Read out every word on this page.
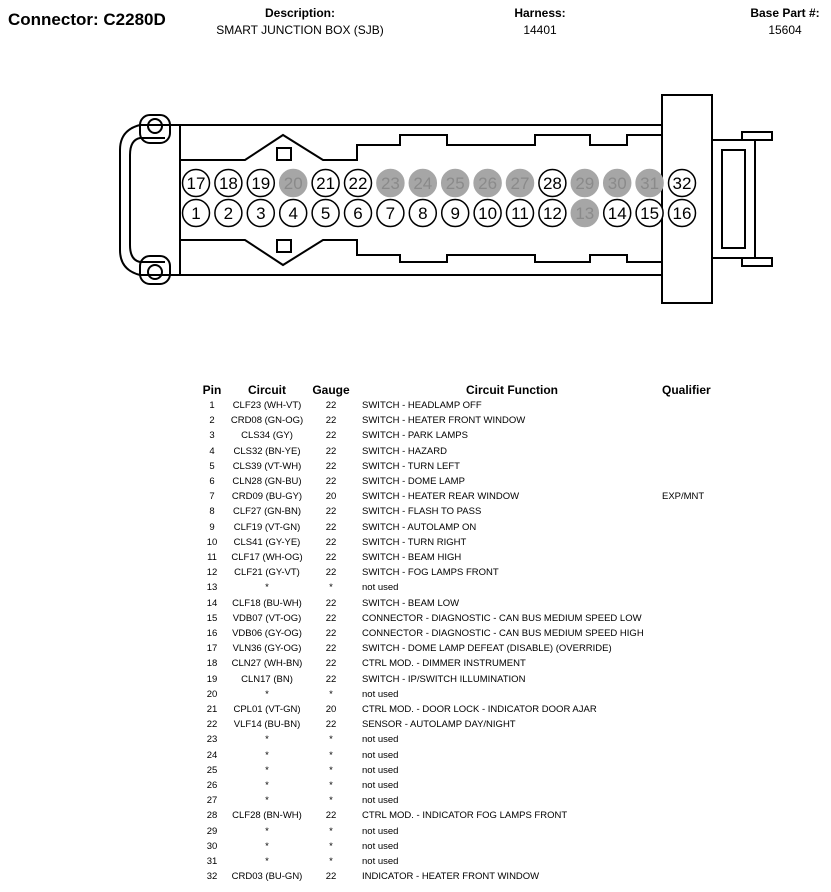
Connector: C2280D	Description:
SMART JUNCTION BOX (SJB)
Harness:
14401
Base Part #:
15604
17 18 19 20 21 22 23 24 25 26 27 28 29 30 31 32
1 2 3 4 5 6 7 8 9 10 11 12 13 14 15 16
Pin	Circuit	Gauge	Circuit Function	Qualifier
1	CLF23 (WH-VT)	22	SWITCH - HEADLAMP OFF	
2	CRD08 (GN-OG)	22	SWITCH - HEATER FRONT WINDOW	
3	CLS34 (GY)	22	SWITCH - PARK LAMPS	
4	CLS32 (BN-YE)	22	SWITCH - HAZARD	
5	CLS39 (VT-WH)	22	SWITCH - TURN LEFT	
6	CLN28 (GN-BU)	22	SWITCH - DOME LAMP	
7	CRD09 (BU-GY)	20	SWITCH - HEATER REAR WINDOW	EXP/MNT
8	CLF27 (GN-BN)	22	SWITCH - FLASH TO PASS	
9	CLF19 (VT-GN)	22	SWITCH - AUTOLAMP ON	
10	CLS41 (GY-YE)	22	SWITCH - TURN RIGHT	
11	CLF17 (WH-OG)	22	SWITCH - BEAM HIGH	
12	CLF21 (GY-VT)	22	SWITCH - FOG LAMPS FRONT	
13	*	*	not used	
14	CLF18 (BU-WH)	22	SWITCH - BEAM LOW	
15	VDB07 (VT-OG)	22	CONNECTOR - DIAGNOSTIC - CAN BUS MEDIUM SPEED LOW	
16	VDB06 (GY-OG)	22	CONNECTOR - DIAGNOSTIC - CAN BUS MEDIUM SPEED HIGH	
17	VLN36 (GY-OG)	22	SWITCH - DOME LAMP DEFEAT (DISABLE) (OVERRIDE)	
18	CLN27 (WH-BN)	22	CTRL MOD. - DIMMER INSTRUMENT	
19	CLN17 (BN)	22	SWITCH - IP/SWITCH ILLUMINATION	
20	*	*	not used	
21	CPL01 (VT-GN)	20	CTRL MOD. - DOOR LOCK - INDICATOR DOOR AJAR	
22	VLF14 (BU-BN)	22	SENSOR - AUTOLAMP DAY/NIGHT	
23	*	*	not used	
24	*	*	not used	
25	*	*	not used	
26	*	*	not used	
27	*	*	not used	
28	CLF28 (BN-WH)	22	CTRL MOD. - INDICATOR FOG LAMPS FRONT	
29	*	*	not used	
30	*	*	not used	
31	*	*	not used	
32	CRD03 (BU-GN)	22	INDICATOR - HEATER FRONT WINDOW	
